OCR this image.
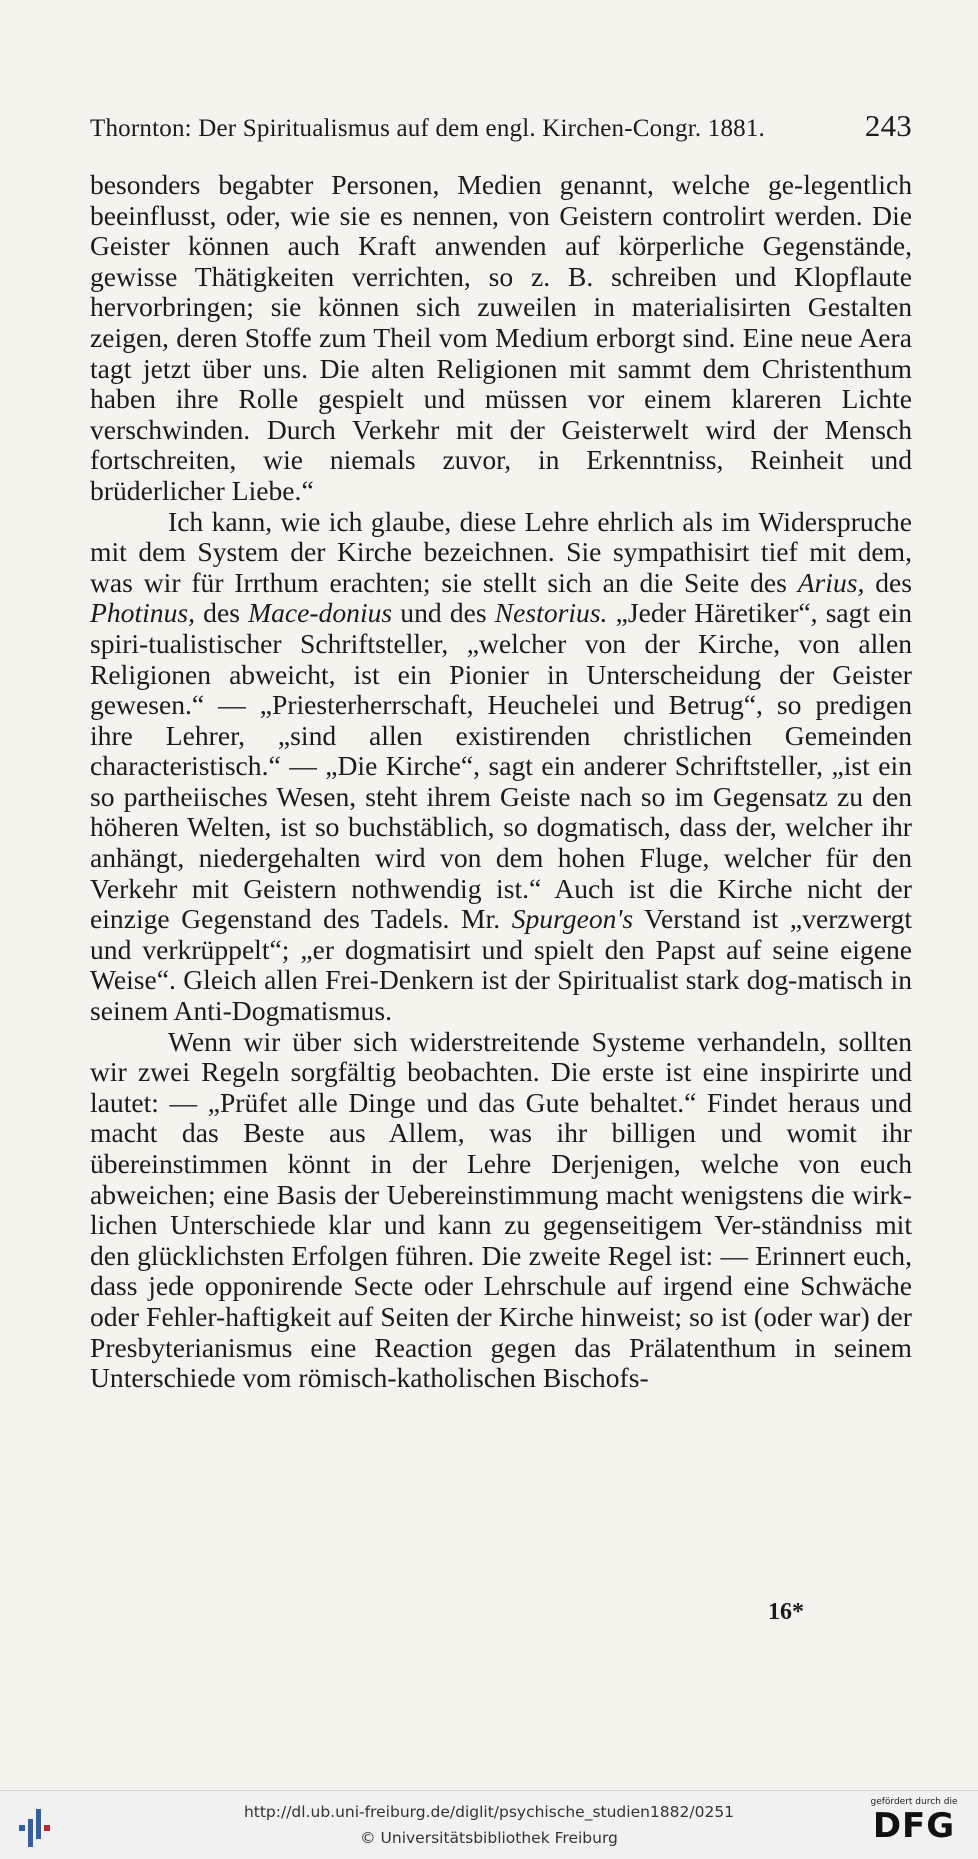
Thornton: Der Spiritualismus auf dem engl. Kirchen-Congr. 1881.	243

besonders begabter Personen, Medien genannt, welche ge-legentlich beeinflusst, oder, wie sie es nennen, von Geistern controlirt werden. Die Geister können auch Kraft anwenden auf körperliche Gegenstände, gewisse Thätigkeiten verrichten, so z. B. schreiben und Klopflaute hervorbringen; sie können sich zuweilen in materialisirten Gestalten zeigen, deren Stoffe zum Theil vom Medium erborgt sind. Eine neue Aera tagt jetzt über uns. Die alten Religionen mit sammt dem Christenthum haben ihre Rolle gespielt und müssen vor einem klareren Lichte verschwinden. Durch Verkehr mit der Geisterwelt wird der Mensch fortschreiten, wie niemals zuvor, in Erkenntniss, Reinheit und brüderlicher Liebe.“

Ich kann, wie ich glaube, diese Lehre ehrlich als im Widerspruche mit dem System der Kirche bezeichnen. Sie sympathisirt tief mit dem, was wir für Irrthum erachten; sie stellt sich an die Seite des Arius, des Photinus, des Mace-donius und des Nestorius. „Jeder Häretiker“, sagt ein spiri-tualistischer Schriftsteller, „welcher von der Kirche, von allen Religionen abweicht, ist ein Pionier in Unterscheidung der Geister gewesen.“ — „Priesterherrschaft, Heuchelei und Betrug“, so predigen ihre Lehrer, „sind allen existirenden christlichen Gemeinden characteristisch.“ — „Die Kirche“, sagt ein anderer Schriftsteller, „ist ein so partheiisches Wesen, steht ihrem Geiste nach so im Gegensatz zu den höheren Welten, ist so buchstäblich, so dogmatisch, dass der, welcher ihr anhängt, niedergehalten wird von dem hohen Fluge, welcher für den Verkehr mit Geistern nothwendig ist.“ Auch ist die Kirche nicht der einzige Gegenstand des Tadels. Mr. Spurgeon's Verstand ist „verzwergt und verkrüppelt“; „er dogmatisirt und spielt den Papst auf seine eigene Weise“. Gleich allen Frei-Denkern ist der Spiritualist stark dog-matisch in seinem Anti-Dogmatismus.

Wenn wir über sich widerstreitende Systeme verhandeln, sollten wir zwei Regeln sorgfältig beobachten. Die erste ist eine inspirirte und lautet: — „Prüfet alle Dinge und das Gute behaltet.“ Findet heraus und macht das Beste aus Allem, was ihr billigen und womit ihr übereinstimmen könnt in der Lehre Derjenigen, welche von euch abweichen; eine Basis der Uebereinstimmung macht wenigstens die wirk-lichen Unterschiede klar und kann zu gegenseitigem Ver-ständniss mit den glücklichsten Erfolgen führen. Die zweite Regel ist: — Erinnert euch, dass jede opponirende Secte oder Lehrschule auf irgend eine Schwäche oder Fehler-haftigkeit auf Seiten der Kirche hinweist; so ist (oder war) der Presbyterianismus eine Reaction gegen das Prälatenthum in seinem Unterschiede vom römisch-katholischen Bischofs-

16*
http://dl.ub.uni-freiburg.de/diglit/psychische_studien1882/0251
© Universitätsbibliothek Freiburg
gefördert durch die
DFG
